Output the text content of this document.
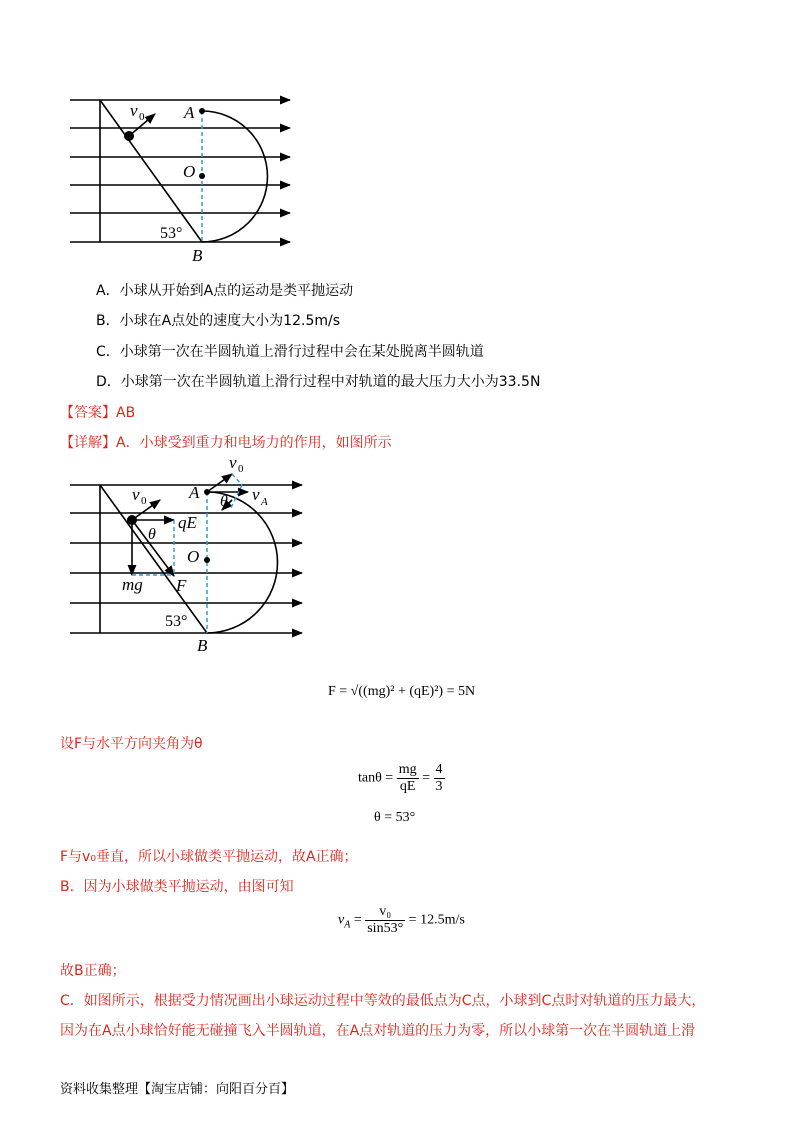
v 0 A
O
53°
B
A．小球从开始到A点的运动是类平抛运动
B．小球在A点处的速度大小为12.5m/s
C．小球第一次在半圆轨道上滑行过程中会在某处脱离半圆轨道
D．小球第一次在半圆轨道上滑行过程中对轨道的最大压力大小为33.5N
【答案】AB
【详解】A．小球受到重力和电场力的作用，如图所示
v 0
v 0	A θ v A
θ
qE
O
mg F
53°
B
F = √((mg)² + (qE)²) = 5N
设F与水平方向夹角为θ
$\tan\theta = \frac{mg}{qE} = \frac{4}{3}$
θ = 53°
F与v₀垂直，所以小球做类平抛运动，故A正确；
B．因为小球做类平抛运动，由图可知
$v_A = \frac{\text{v₀}}{\sin 53^\circ} = 12.5m/s$
故B正确；
C．如图所示，根据受力情况画出小球运动过程中等效的最低点为C点，小球到C点时对轨道的压力最大，
因为在A点小球恰好能无碰撞飞入半圆轨道，在A点对轨道的压力为零，所以小球第一次在半圆轨道上滑
资料收集整理【淘宝店铺：向阳百分百】
